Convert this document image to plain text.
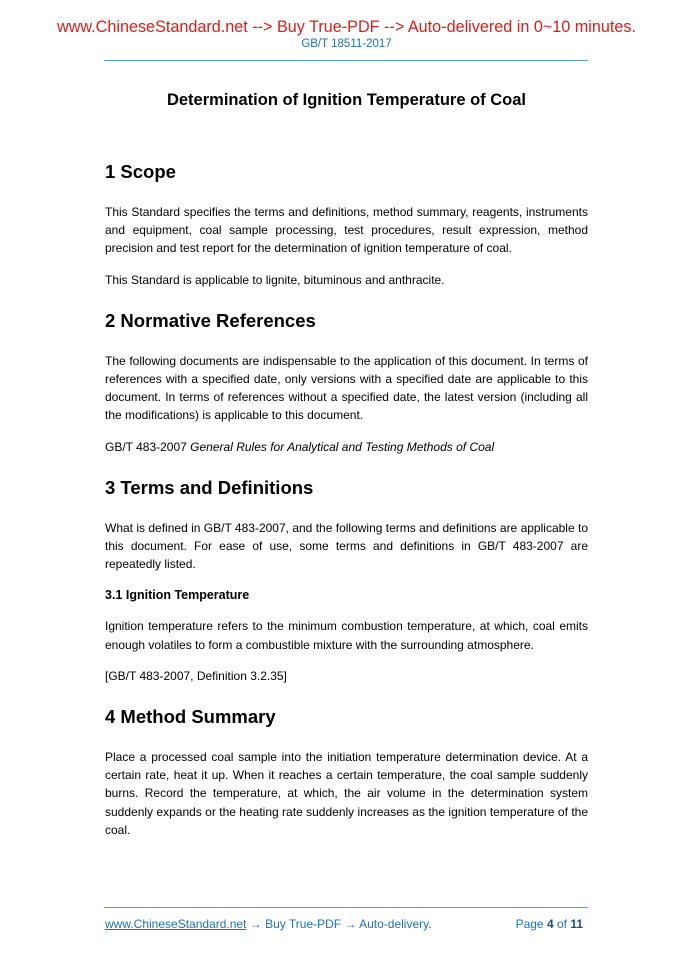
www.ChineseStandard.net --> Buy True-PDF --> Auto-delivered in 0~10 minutes.
GB/T 18511-2017
Determination of Ignition Temperature of Coal
1 Scope

This Standard specifies the terms and definitions, method summary, reagents, instruments and equipment, coal sample processing, test procedures, result expression, method precision and test report for the determination of ignition temperature of coal.

This Standard is applicable to lignite, bituminous and anthracite.

2 Normative References

The following documents are indispensable to the application of this document. In terms of references with a specified date, only versions with a specified date are applicable to this document. In terms of references without a specified date, the latest version (including all the modifications) is applicable to this document.

GB/T 483-2007 General Rules for Analytical and Testing Methods of Coal

3 Terms and Definitions

What is defined in GB/T 483-2007, and the following terms and definitions are applicable to this document. For ease of use, some terms and definitions in GB/T 483-2007 are repeatedly listed.

3.1 Ignition Temperature

Ignition temperature refers to the minimum combustion temperature, at which, coal emits enough volatiles to form a combustible mixture with the surrounding atmosphere.

[GB/T 483-2007, Definition 3.2.35]

4 Method Summary

Place a processed coal sample into the initiation temperature determination device. At a certain rate, heat it up. When it reaches a certain temperature, the coal sample suddenly burns. Record the temperature, at which, the air volume in the determination system suddenly expands or the heating rate suddenly increases as the ignition temperature of the coal.

www.ChineseStandard.net → Buy True-PDF → Auto-delivery.	Page 4 of 11
